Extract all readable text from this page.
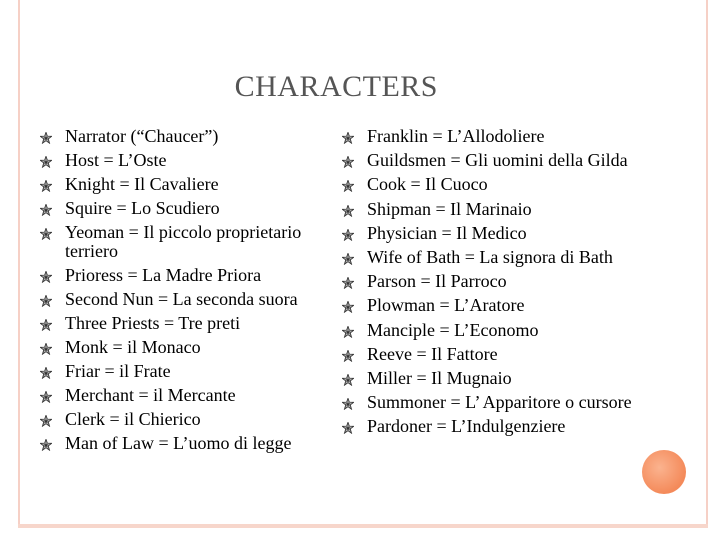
CHARACTERS
Narrator (“Chaucer”)
Host = L’Oste
Knight = Il Cavaliere
Squire = Lo Scudiero
Yeoman = Il piccolo proprietario terriero
Prioress = La Madre Priora
Second Nun = La seconda suora
Three Priests = Tre preti
Monk = il Monaco
Friar = il Frate
Merchant = il Mercante
Clerk = il Chierico
Man of Law = L’uomo di legge
Franklin = L’Allodoliere
Guildsmen = Gli uomini della Gilda
Cook = Il Cuoco
Shipman = Il Marinaio
Physician = Il Medico
Wife of Bath = La signora di Bath
Parson = Il Parroco
Plowman = L’Aratore
Manciple = L’Economo
Reeve = Il Fattore
Miller = Il Mugnaio
Summoner = L’ Apparitore o cursore
Pardoner = L’Indulgenziere
